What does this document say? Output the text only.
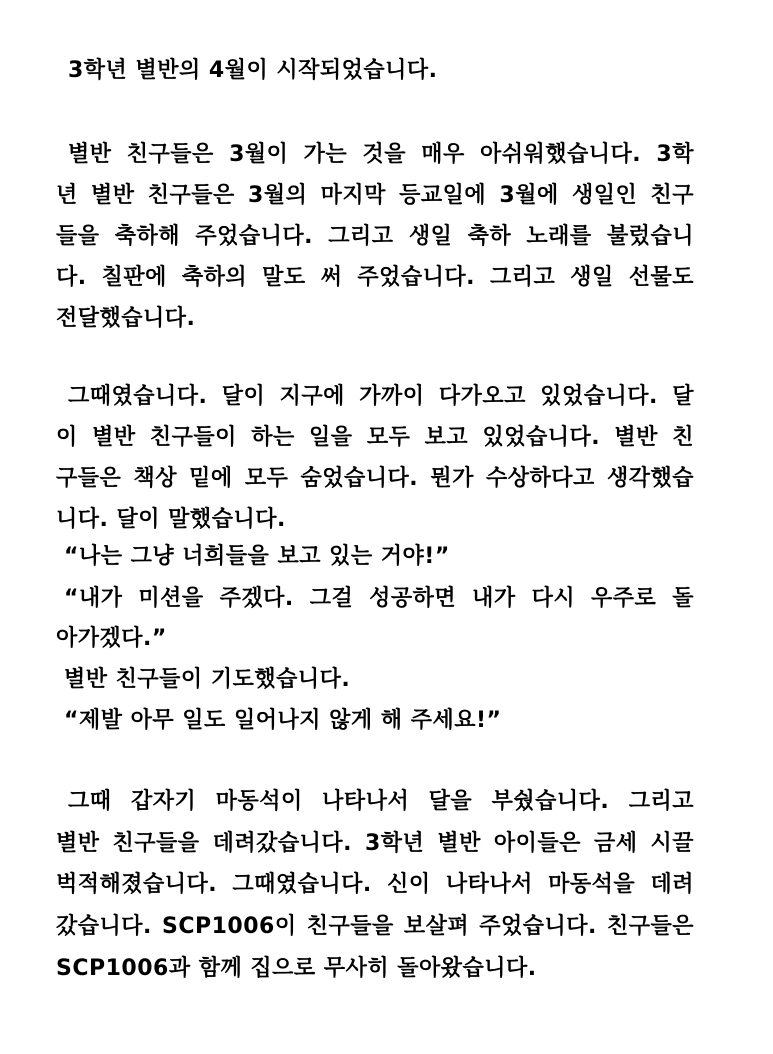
3학년 별반의 4월이 시작되었습니다.
별반 친구들은 3월이 가는 것을 매우 아쉬워했습니다. 3학
년 별반 친구들은 3월의 마지막 등교일에 3월에 생일인 친구
들을 축하해 주었습니다. 그리고 생일 축하 노래를 불렀습니
다. 칠판에 축하의 말도 써 주었습니다. 그리고 생일 선물도
전달했습니다.
그때였습니다. 달이 지구에 가까이 다가오고 있었습니다. 달
이 별반 친구들이 하는 일을 모두 보고 있었습니다. 별반 친
구들은 책상 밑에 모두 숨었습니다. 뭔가 수상하다고 생각했습
니다. 달이 말했습니다.
“나는 그냥 너희들을 보고 있는 거야!”
“내가 미션을 주겠다. 그걸 성공하면 내가 다시 우주로 돌
아가겠다.”
별반 친구들이 기도했습니다.
“제발 아무 일도 일어나지 않게 해 주세요!”
그때 갑자기 마동석이 나타나서 달을 부쉈습니다. 그리고
별반 친구들을 데려갔습니다. 3학년 별반 아이들은 금세 시끌
벅적해졌습니다. 그때였습니다. 신이 나타나서 마동석을 데려
갔습니다. SCP1006이 친구들을 보살펴 주었습니다. 친구들은
SCP1006과 함께 집으로 무사히 돌아왔습니다.
